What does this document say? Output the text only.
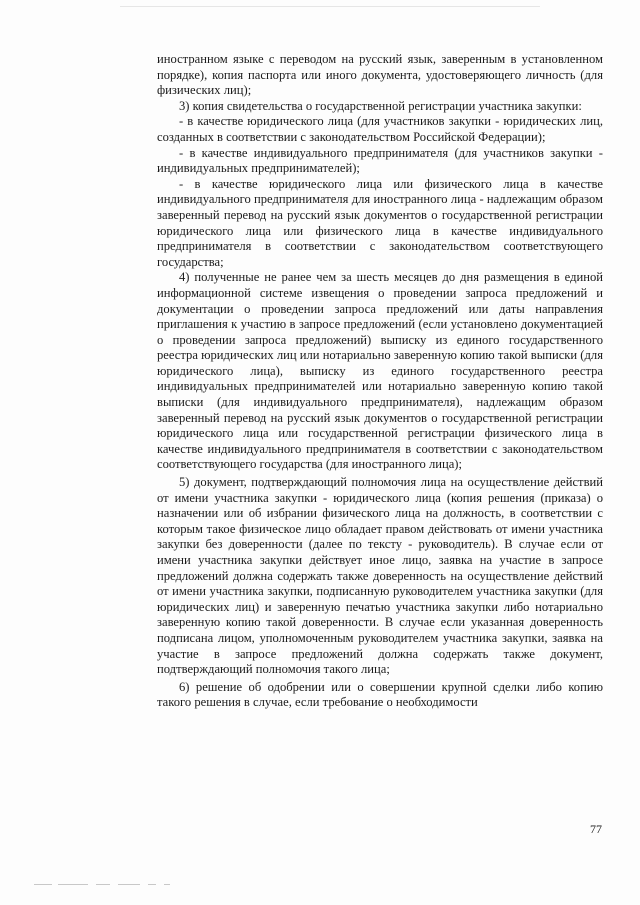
иностранном языке с переводом на русский язык, заверенным в установленном порядке), копия паспорта или иного документа, удостоверяющего личность (для физических лиц);

3) копия свидетельства о государственной регистрации участника закупки:

- в качестве юридического лица (для участников закупки - юридических лиц, созданных в соответствии с законодательством Российской Федерации);

- в качестве индивидуального предпринимателя (для участников закупки - индивидуальных предпринимателей);

- в качестве юридического лица или физического лица в качестве индивидуального предпринимателя для иностранного лица - надлежащим образом заверенный перевод на русский язык документов о государственной регистрации юридического лица или физического лица в качестве индивидуального предпринимателя в соответствии с законодательством соответствующего государства;

4) полученные не ранее чем за шесть месяцев до дня размещения в единой информационной системе извещения о проведении запроса предложений и документации о проведении запроса предложений или даты направления приглашения к участию в запросе предложений (если установлено документацией о проведении запроса предложений) выписку из единого государственного реестра юридических лиц или нотариально заверенную копию такой выписки (для юридического лица), выписку из единого государственного реестра индивидуальных предпринимателей или нотариально заверенную копию такой выписки (для индивидуального предпринимателя), надлежащим образом заверенный перевод на русский язык документов о государственной регистрации юридического лица или государственной регистрации физического лица в качестве индивидуального предпринимателя в соответствии с законодательством соответствующего государства (для иностранного лица);

5) документ, подтверждающий полномочия лица на осуществление действий от имени участника закупки - юридического лица (копия решения (приказа) о назначении или об избрании физического лица на должность, в соответствии с которым такое физическое лицо обладает правом действовать от имени участника закупки без доверенности (далее по тексту - руководитель). В случае если от имени участника закупки действует иное лицо, заявка на участие в запросе предложений должна содержать также доверенность на осуществление действий от имени участника закупки, подписанную руководителем участника закупки (для юридических лиц) и заверенную печатью участника закупки либо нотариально заверенную копию такой доверенности. В случае если указанная доверенность подписана лицом, уполномоченным руководителем участника закупки, заявка на участие в запросе предложений должна содержать также документ, подтверждающий полномочия такого лица;

6) решение об одобрении или о совершении крупной сделки либо копию такого решения в случае, если требование о необходимости

77
